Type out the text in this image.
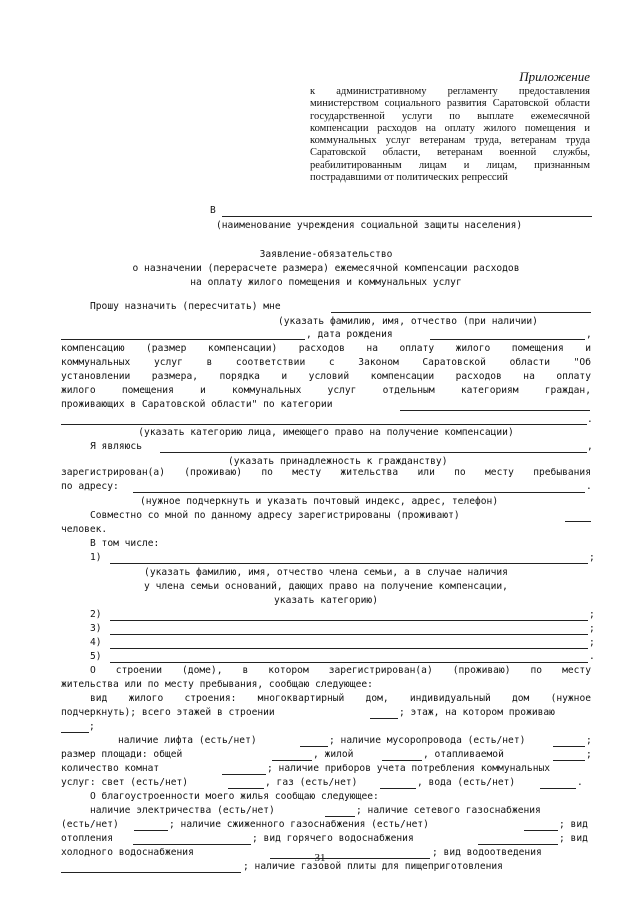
Приложение
к административному регламенту предоставления
министерством социального развития Саратовской области
государственной услуги по выплате ежемесячной
компенсации расходов на оплату жилого помещения и
коммунальных услуг ветеранам труда, ветеранам труда
Саратовской области, ветеранам военной службы,
реабилитированным лицам и лицам, признанным
пострадавшими от политических репрессий
В
(наименование учреждения социальной защиты населения)
Заявление-обязательство
о назначении (перерасчете размера) ежемесячной компенсации расходов
на оплату жилого помещения и коммунальных услуг
Прошу назначить (пересчитать) мне
(указать фамилию, имя, отчество (при наличии)
, дата рождения	,
компенсацию (размер компенсации) расходов на оплату жилого помещения и
коммунальных услуг в соответствии с Законом Саратовской области "Об
установлении размера, порядка и условий компенсации расходов на оплату
жилого помещения и коммунальных услуг отдельным категориям граждан,
проживающих в Саратовской области" по категории
.
(указать категорию лица, имеющего право на получение компенсации)
Я являюсь	,
(указать принадлежность к гражданству)
зарегистрирован(а) (проживаю) по месту жительства или по месту пребывания
по адресу:	.
(нужное подчеркнуть и указать почтовый индекс, адрес, телефон)
Совместно со мной по данному адресу зарегистрированы (проживают)
человек.
В том числе:
1)	;
(указать фамилию, имя, отчество члена семьи, а в случае наличия
у члена семьи оснований, дающих право на получение компенсации,
указать категорию)
2)	;
3)	;
4)	;
5)	.
О строении (доме), в котором зарегистрирован(а) (проживаю) по месту
жительства или по месту пребывания, сообщаю следующее:
вид жилого строения: многоквартирный дом, индивидуальный дом (нужное
подчеркнуть); всего этажей в строении	; этаж, на котором проживаю
;
наличие лифта (есть/нет)	; наличие мусоропровода (есть/нет)	;
размер площади: общей	, жилой	, отапливаемой	;
количество комнат	; наличие приборов учета потребления коммунальных
услуг: свет (есть/нет)	, газ (есть/нет)	, вода (есть/нет)	.
О благоустроенности моего жилья сообщаю следующее:
наличие электричества (есть/нет)	; наличие сетевого газоснабжения
(есть/нет)	; наличие сжиженного газоснабжения (есть/нет)	; вид
отопления	; вид горячего водоснабжения	; вид
холодного водоснабжения	; вид водоотведения
; наличие газовой плиты для пищеприготовления
31
